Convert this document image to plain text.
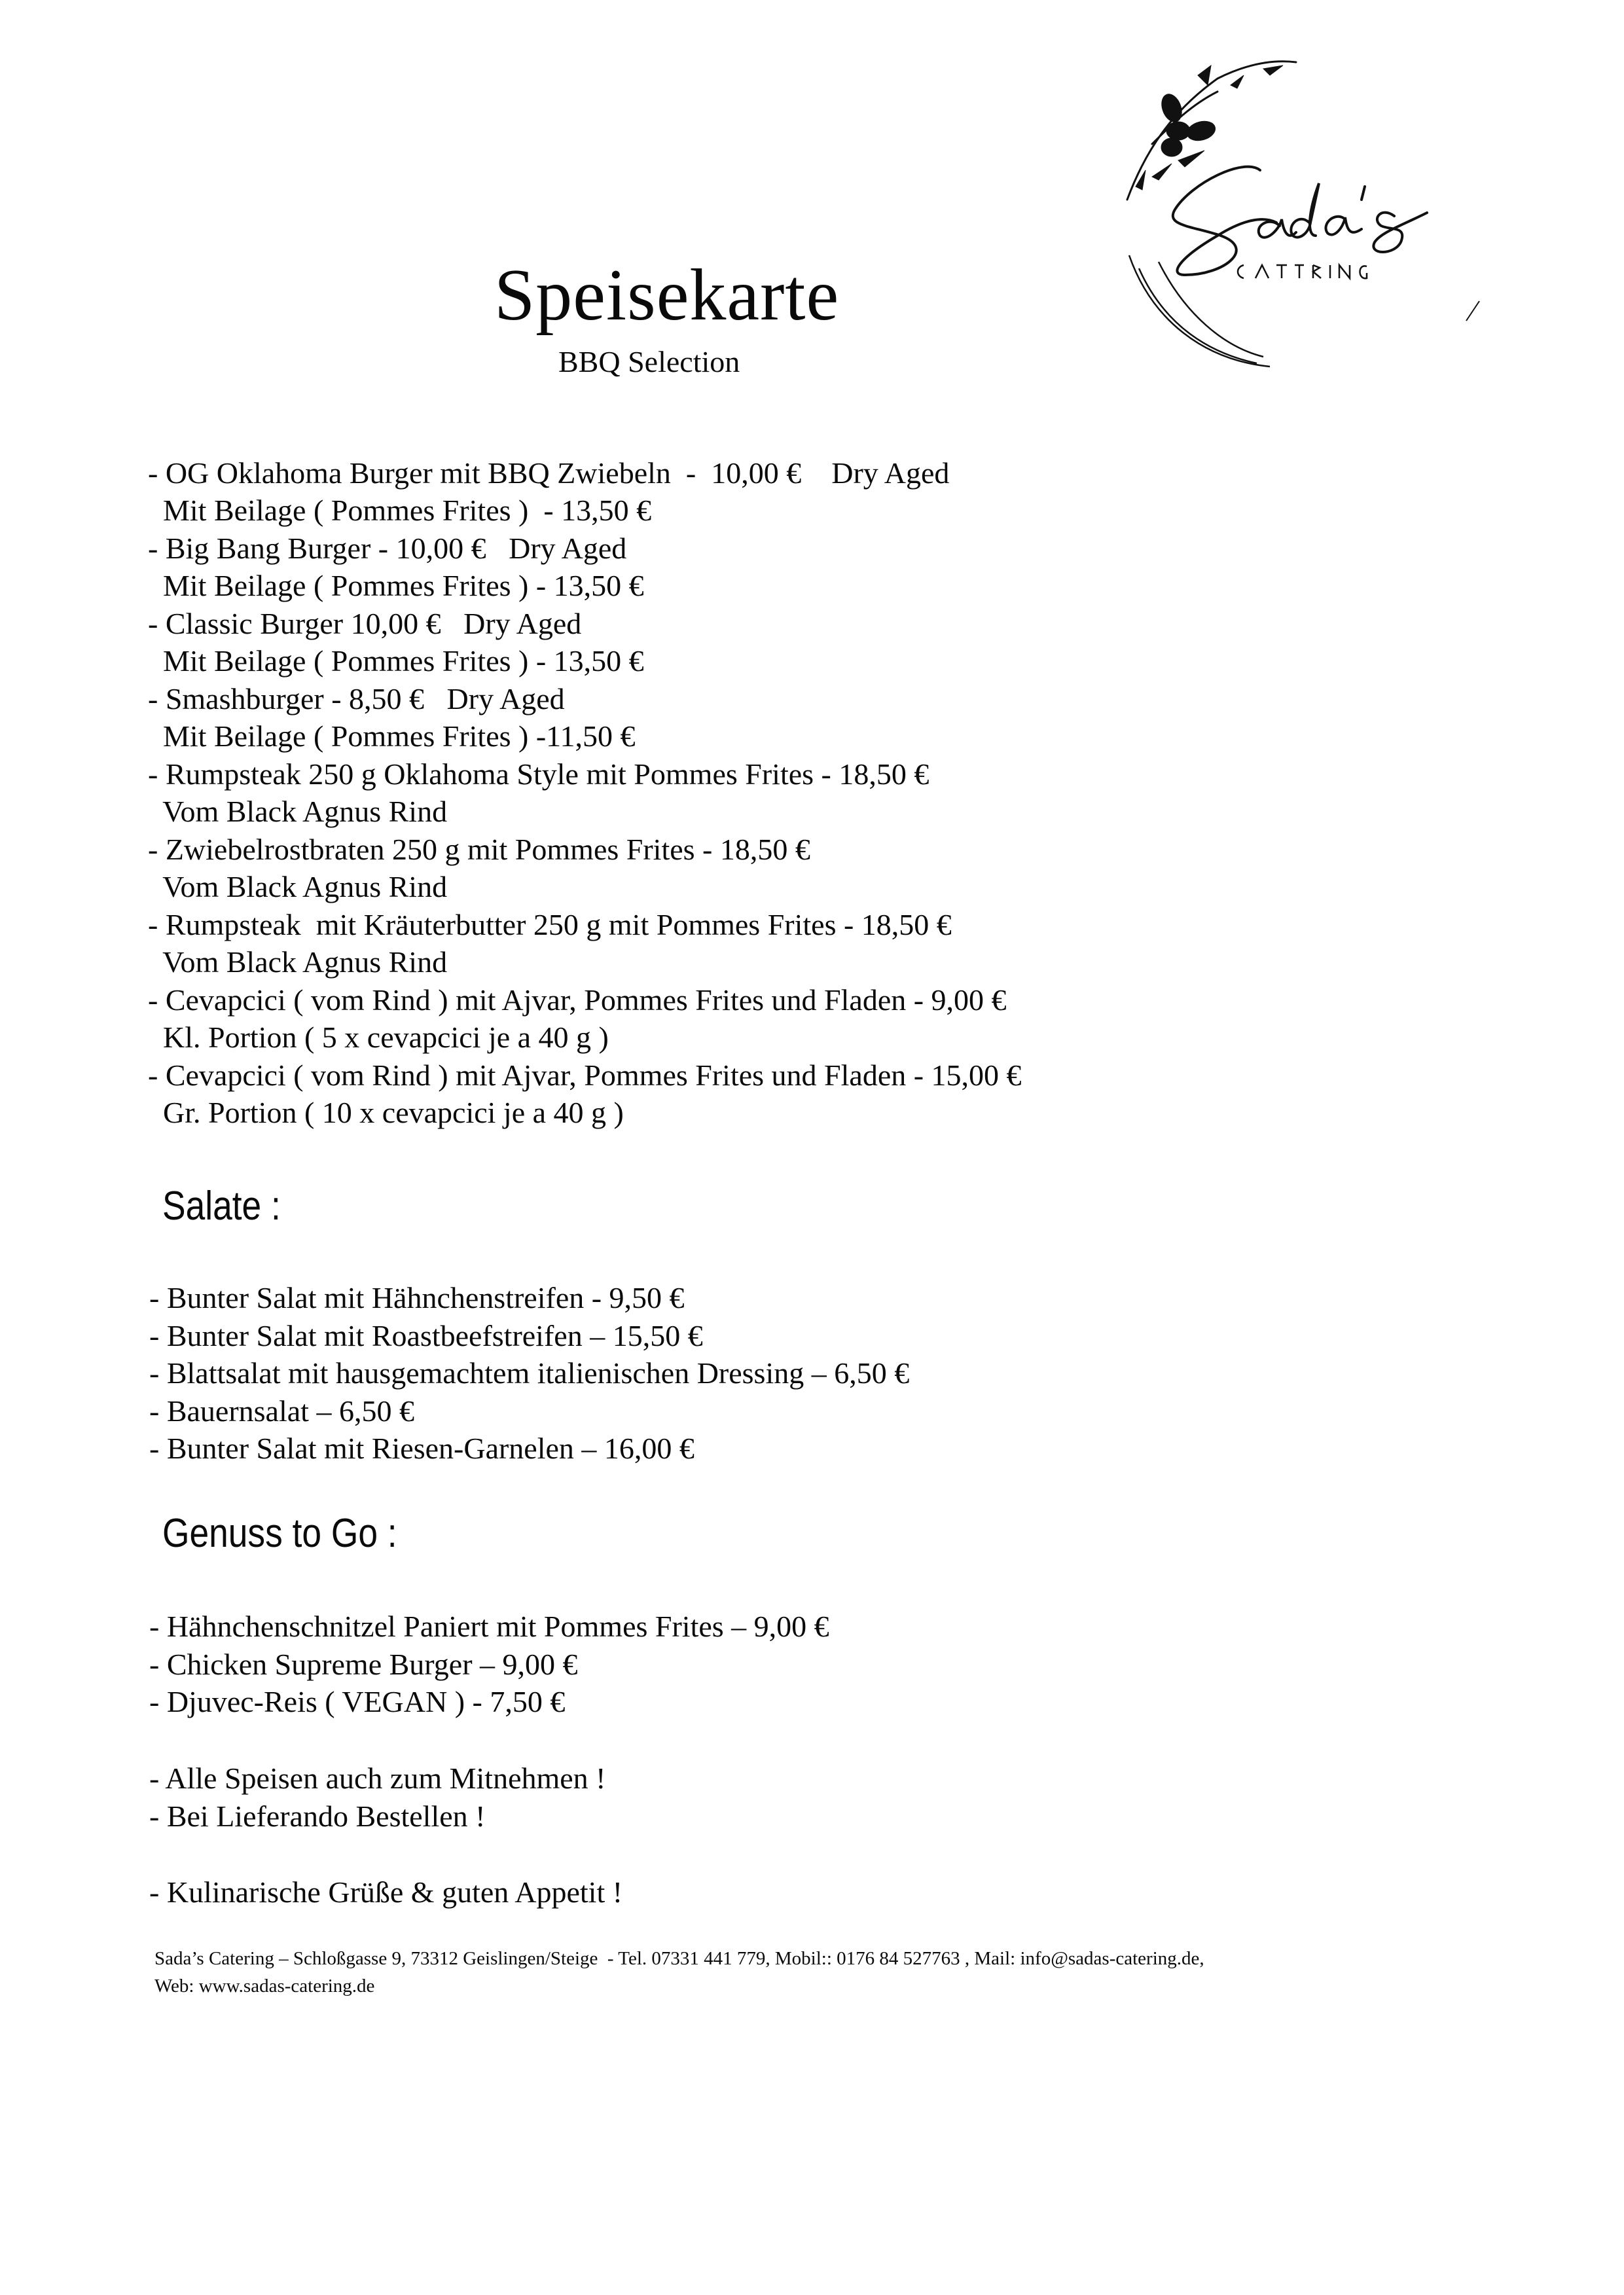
Speisekarte
BBQ Selection
- OG Oklahoma Burger mit BBQ Zwiebeln  -  10,00 €    Dry Aged
Mit Beilage ( Pommes Frites )  - 13,50 €
- Big Bang Burger - 10,00 €   Dry Aged
Mit Beilage ( Pommes Frites ) - 13,50 €
- Classic Burger 10,00 €   Dry Aged
Mit Beilage ( Pommes Frites ) - 13,50 €
- Smashburger - 8,50 €   Dry Aged
Mit Beilage ( Pommes Frites ) -11,50 €
- Rumpsteak 250 g Oklahoma Style mit Pommes Frites - 18,50 €
Vom Black Agnus Rind
- Zwiebelrostbraten 250 g mit Pommes Frites - 18,50 €
Vom Black Agnus Rind
- Rumpsteak  mit Kräuterbutter 250 g mit Pommes Frites - 18,50 €
Vom Black Agnus Rind
- Cevapcici ( vom Rind ) mit Ajvar, Pommes Frites und Fladen - 9,00 €
Kl. Portion ( 5 x cevapcici je a 40 g )
- Cevapcici ( vom Rind ) mit Ajvar, Pommes Frites und Fladen - 15,00 €
Gr. Portion ( 10 x cevapcici je a 40 g )
Salate :
- Bunter Salat mit Hähnchenstreifen - 9,50 €
- Bunter Salat mit Roastbeefstreifen – 15,50 €
- Blattsalat mit hausgemachtem italienischen Dressing – 6,50 €
- Bauernsalat – 6,50 €
- Bunter Salat mit Riesen-Garnelen – 16,00 €
Genuss to Go :
- Hähnchenschnitzel Paniert mit Pommes Frites – 9,00 €
- Chicken Supreme Burger – 9,00 €
- Djuvec-Reis ( VEGAN ) - 7,50 €
- Alle Speisen auch zum Mitnehmen !
- Bei Lieferando Bestellen !
- Kulinarische Grüße & guten Appetit !
Sada’s Catering – Schloßgasse 9, 73312 Geislingen/Steige  - Tel. 07331 441 779, Mobil:: 0176 84 527763 , Mail: info@sadas-catering.de,
Web: www.sadas-catering.de
